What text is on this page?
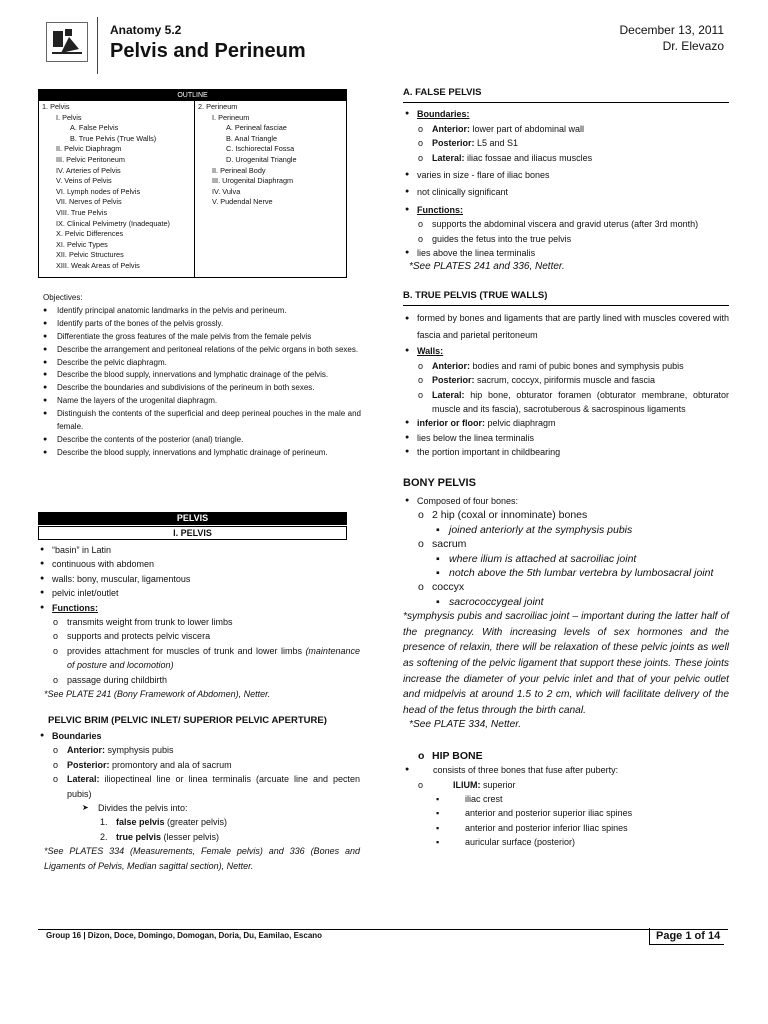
Anatomy 5.2
Pelvis and Perineum
December 13, 2011
Dr. Elevazo
OUTLINE
1. Pelvis
I. Pelvis
A. False Pelvis
B. True Pelvis (True Walls)
II. Pelvic Diaphragm
III. Pelvic Peritoneum
IV. Arteries of Pelvis
V. Veins of Pelvis
VI. Lymph nodes of Pelvis
VII. Nerves of Pelvis
VIII. True Pelvis
IX. Clinical Pelvimetry (Inadequate)
X. Pelvic Differences
XI. Pelvic Types
XII. Pelvic Structures
XIII. Weak Areas of Pelvis
2. Perineum
I. Perineum
A. Perineal fasciae
B. Anal Triangle
C. Ischiorectal Fossa
D. Urogenital Triangle
II. Perineal Body
III. Urogenital Diaphragm
IV. Vulva
V. Pudendal Nerve
Objectives:
● Identify principal anatomic landmarks in the pelvis and perineum.
● Identify parts of the bones of the pelvis grossly.
● Differentiate the gross features of the male pelvis from the female pelvis
● Describe the arrangement and peritoneal relations of the pelvic organs in both sexes.
● Describe the pelvic diaphragm.
● Describe the blood supply, innervations and lymphatic drainage of the pelvis.
● Describe the boundaries and subdivisions of the perineum in both sexes.
● Name the layers of the urogenital diaphragm.
● Distinguish the contents of the superficial and deep perineal pouches in the male and female.
● Describe the contents of the posterior (anal) triangle.
● Describe the blood supply, innervations and lymphatic drainage of perineum.
PELVIS
I. PELVIS
● “basin” in Latin
● continuous with abdomen
● walls: bony, muscular, ligamentous
● pelvic inlet/outlet
● Functions:
o transmits weight from trunk to lower limbs
o supports and protects pelvic viscera
o provides attachment for muscles of trunk and lower limbs (maintenance of posture and locomotion)
o passage during childbirth
*See PLATE 241 (Bony Framework of Abdomen), Netter.
PELVIC BRIM (PELVIC INLET/ SUPERIOR PELVIC APERTURE)
● Boundaries
o Anterior: symphysis pubis
o Posterior: promontory and ala of sacrum
o Lateral: iliopectineal line or linea terminalis (arcuate line and pecten pubis)
➤ Divides the pelvis into:
1. false pelvis (greater pelvis)
2. true pelvis (lesser pelvis)
*See PLATES 334 (Measurements, Female pelvis) and 336 (Bones and Ligaments of Pelvis, Median sagittal section), Netter.
A. FALSE PELVIS
● Boundaries:
o Anterior: lower part of abdominal wall
o Posterior: L5 and S1
o Lateral: iliac fossae and iliacus muscles
● varies in size - flare of iliac bones
● not clinically significant
● Functions:
o supports the abdominal viscera and gravid uterus (after 3rd month)
o guides the fetus into the true pelvis
● lies above the linea terminalis
*See PLATES 241 and 336, Netter.
B. TRUE PELVIS (TRUE WALLS)
● formed by bones and ligaments that are partly lined with muscles covered with fascia and parietal peritoneum
● Walls:
o Anterior: bodies and rami of pubic bones and symphysis pubis
o Posterior: sacrum, coccyx, piriformis muscle and fascia
o Lateral: hip bone, obturator foramen (obturator membrane, obturator muscle and its fascia), sacrotuberous & sacrospinous ligaments
● inferior or floor: pelvic diaphragm
● lies below the linea terminalis
● the portion important in childbearing
BONY PELVIS
● Composed of four bones:
o 2 hip (coxal or innominate) bones
▪ joined anteriorly at the symphysis pubis
o sacrum
▪ where ilium is attached at sacroiliac joint
▪ notch above the 5th lumbar vertebra by lumbosacral joint
o coccyx
▪ sacrococcygeal joint
*symphysis pubis and sacroiliac joint – important during the latter half of the pregnancy. With increasing levels of sex hormones and the presence of relaxin, there will be relaxation of these pelvic joints as well as softening of the pelvic ligament that support these joints. These joints increase the diameter of your pelvic inlet and that of your pelvic outlet and midpelvis at around 1.5 to 2 cm, which will facilitate delivery of the head of the fetus through the birth canal.
*See PLATE 334, Netter.
o HIP BONE
● consists of three bones that fuse after puberty:
o ILIUM: superior
▪ iliac crest
▪ anterior and posterior superior iliac spines
▪ anterior and posterior inferior Iliac spines
▪ auricular surface (posterior)
Group 16 | Dizon, Doce, Domingo, Domogan, Doria, Du, Eamilao, Escano	Page 1 of 14
